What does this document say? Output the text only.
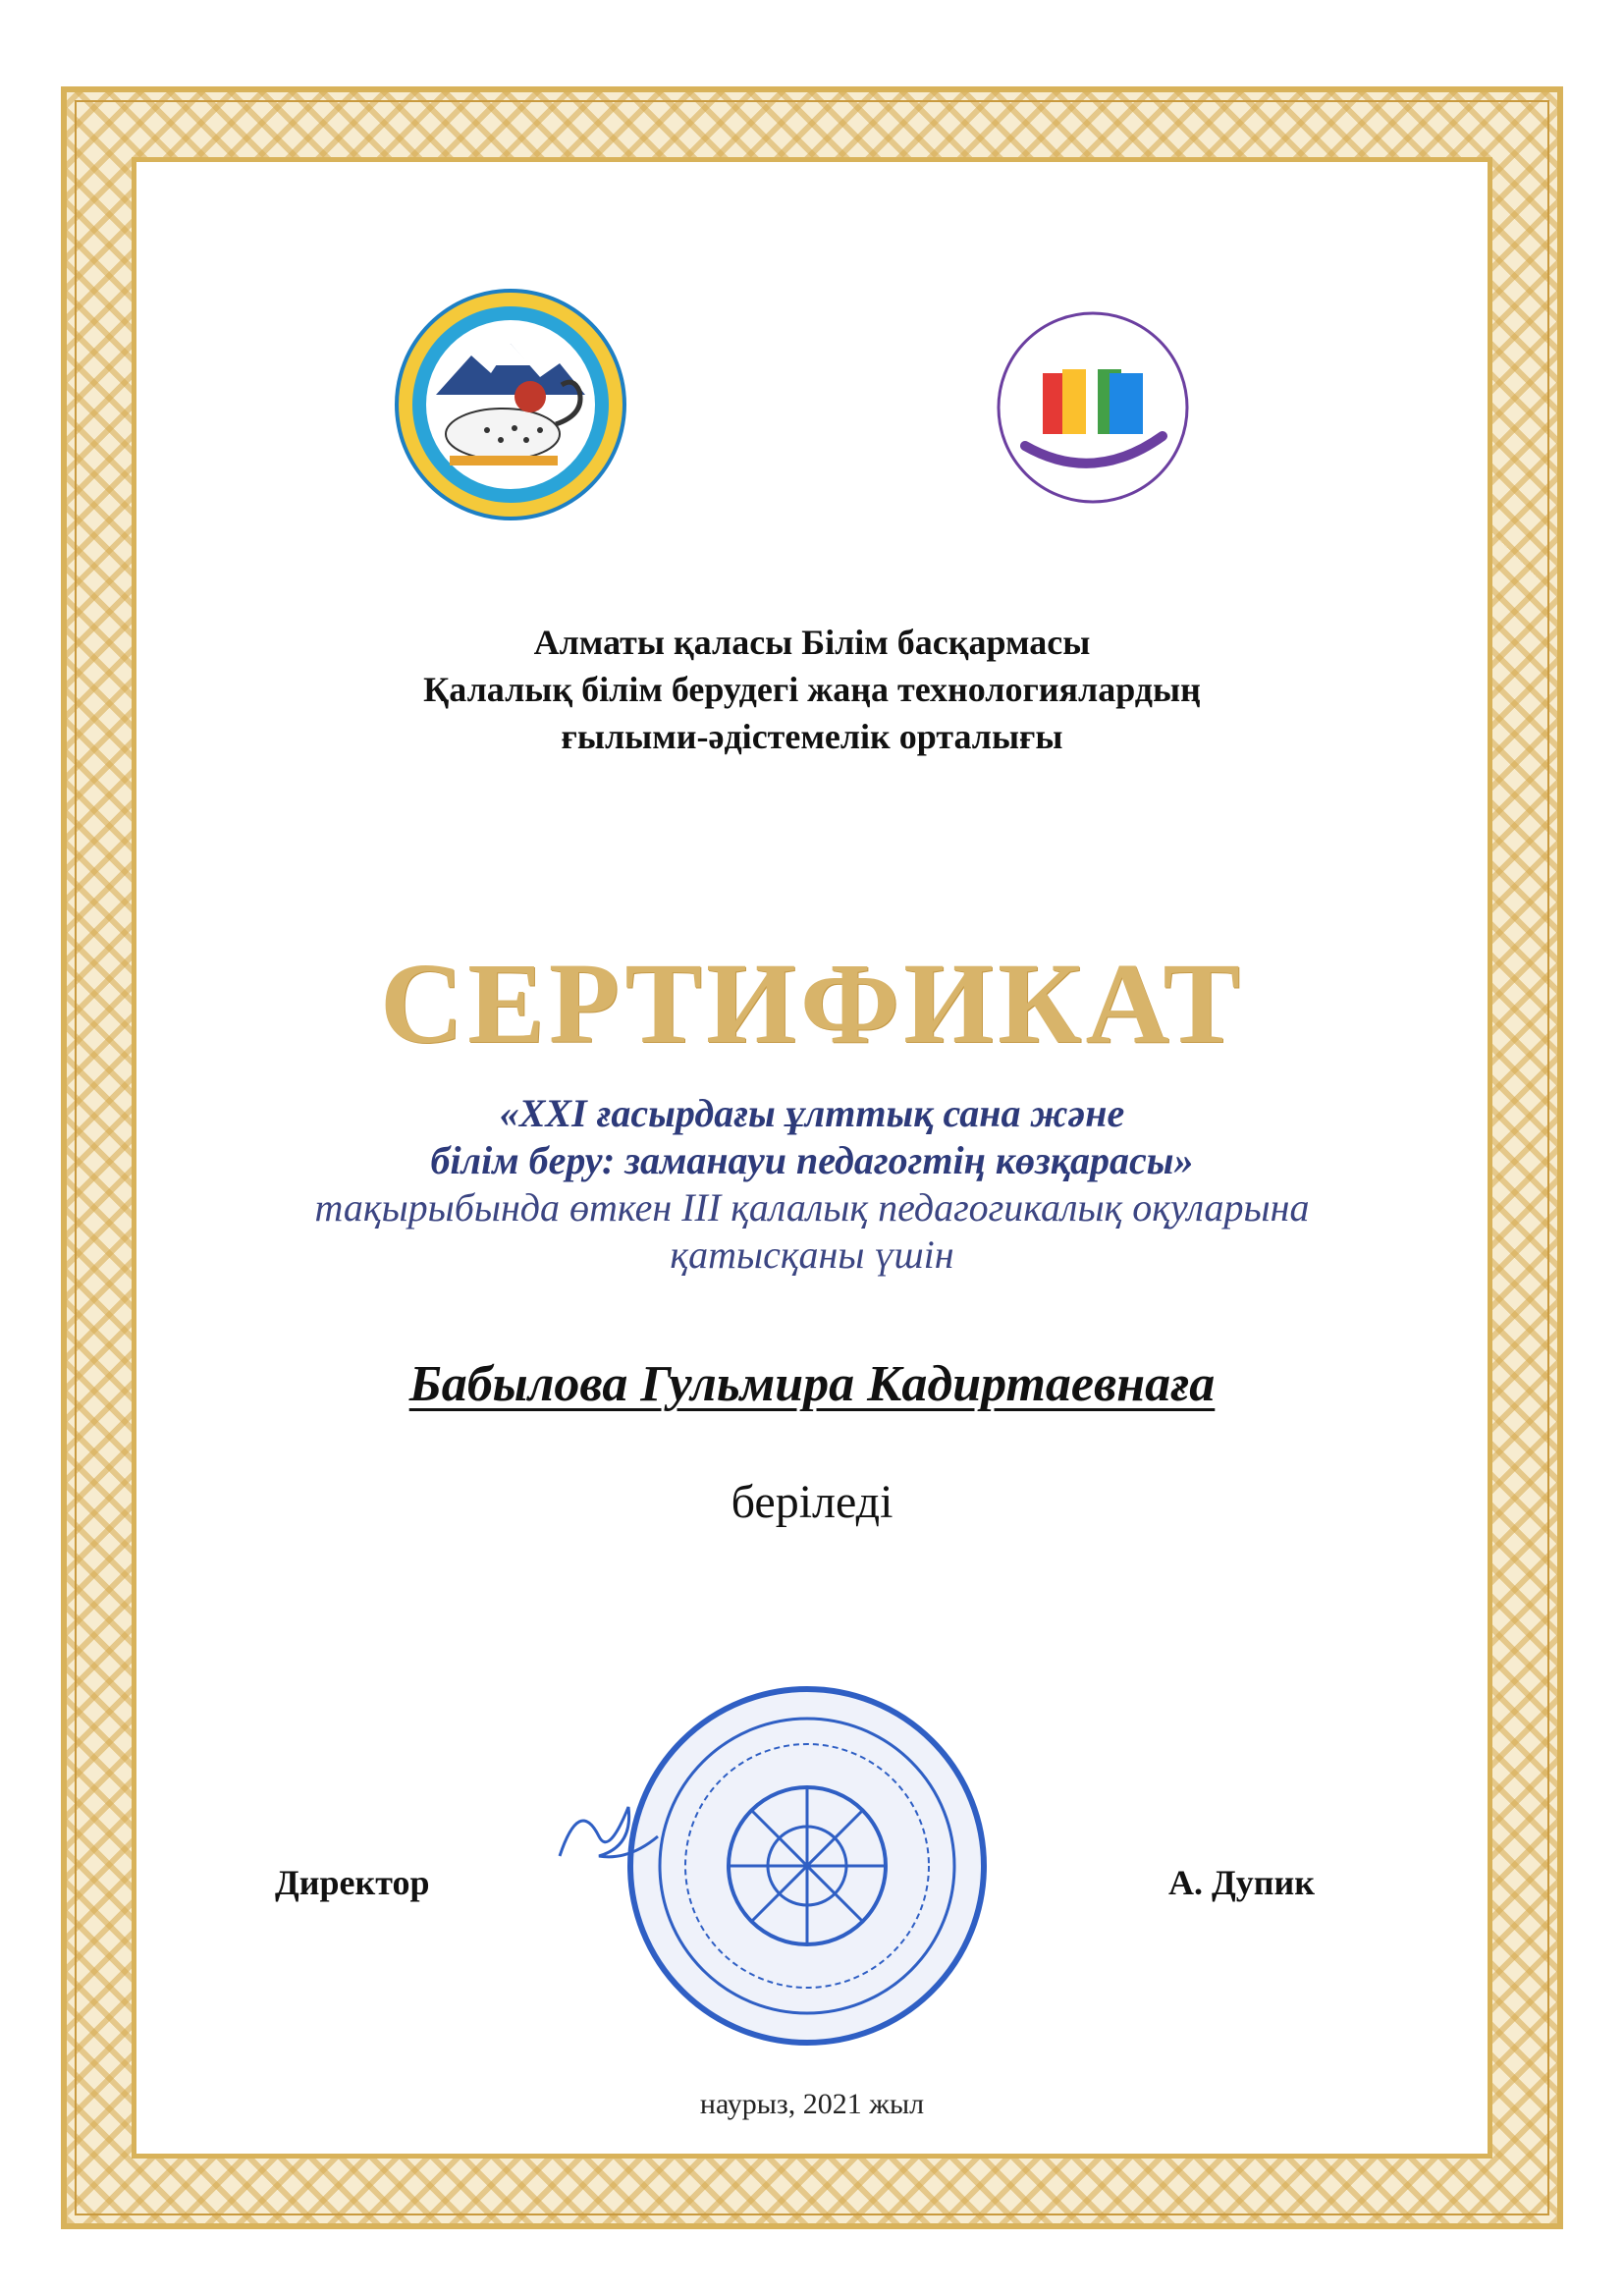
Алматы қаласы Білім басқармасы
Қалалық білім берудегі жаңа технологиялардың
ғылыми-әдістемелік орталығы
СЕРТИФИКАТ
«XXI ғасырдағы ұлттық сана және
білім беру: заманауи педагогтің көзқарасы»
тақырыбында өткен III қалалық педагогикалық оқуларына
қатысқаны үшін
Бабылова Гульмира Кадиртаевнаға
беріледі
Директор	А. Дупик
наурыз, 2021 жыл
